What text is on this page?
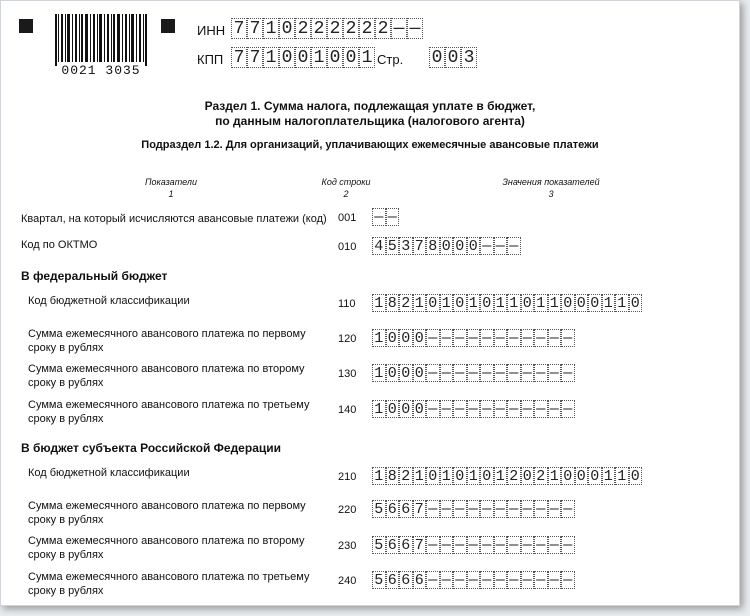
0021 3035
ИНН 7 7 1 0 2 2 2 2 2 2 — —
КПП 7 7 1 0 0 1 0 0 1 Стр. 0 0 3
Раздел 1. Сумма налога, подлежащая уплате в бюджет,
по данным налогоплательщика (налогового агента)
Подраздел 1.2. Для организаций, уплачивающих ежемесячные авансовые платежи
Показатели
1
Код строки
2
Значения показателей
3
Квартал, на который исчисляются авансовые платежи (код) 001 — —
Код по ОКТМО	010 4 5 3 7 8 0 0 0 — — —
В федеральный бюджет
Код бюджетной классификации	110 1 8 2 1 0 1 0 1 0 1 1 0 1 1 0 0 0 1 1 0
Сумма ежемесячного авансового платежа по первому
сроку в рублях
120 1 0 0 0 — — — — — — — — — — —
Сумма ежемесячного авансового платежа по второму
сроку в рублях
130 1 0 0 0 — — — — — — — — — — —
Сумма ежемесячного авансового платежа по третьему
сроку в рублях
140 1 0 0 0 — — — — — — — — — — —
В бюджет субъекта Российской Федерации
Код бюджетной классификации	210 1 8 2 1 0 1 0 1 0 1 2 0 2 1 0 0 0 1 1 0
Сумма ежемесячного авансового платежа по первому
сроку в рублях
220 5 6 6 7 — — — — — — — — — — —
Сумма ежемесячного авансового платежа по второму
сроку в рублях
230 5 6 6 7 — — — — — — — — — — —
Сумма ежемесячного авансового платежа по третьему
сроку в рублях
240 5 6 6 6 — — — — — — — — — — —
